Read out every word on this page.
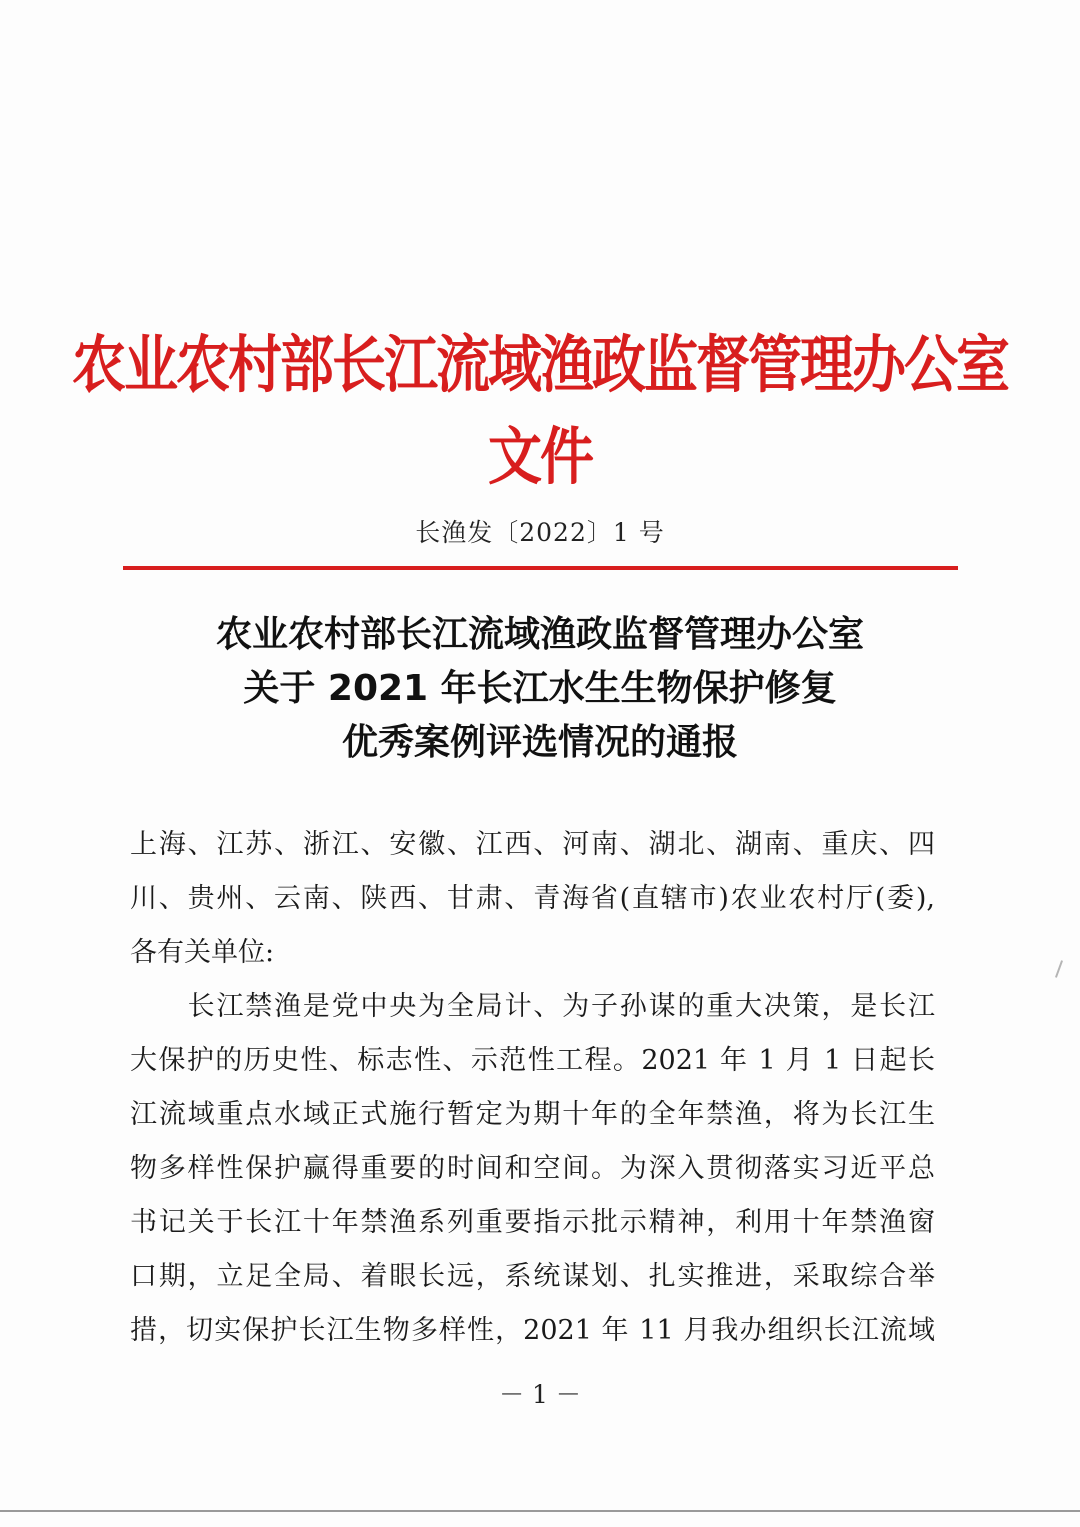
农业农村部长江流域渔政监督管理办公室文件
长渔发〔2022〕1 号
农业农村部长江流域渔政监督管理办公室
关于 2021 年长江水生生物保护修复
优秀案例评选情况的通报
上海、江苏、浙江、安徽、江西、河南、湖北、湖南、重庆、四
川、贵州、云南、陕西、甘肃、青海省(直辖市)农业农村厅(委),
各有关单位:
　　长江禁渔是党中央为全局计、为子孙谋的重大决策，是长江
大保护的历史性、标志性、示范性工程。2021 年 1 月 1 日起长
江流域重点水域正式施行暂定为期十年的全年禁渔，将为长江生
物多样性保护赢得重要的时间和空间。为深入贯彻落实习近平总
书记关于长江十年禁渔系列重要指示批示精神，利用十年禁渔窗
口期，立足全局、着眼长远，系统谋划、扎实推进，采取综合举
措，切实保护长江生物多样性，2021 年 11 月我办组织长江流域
－ 1 －
